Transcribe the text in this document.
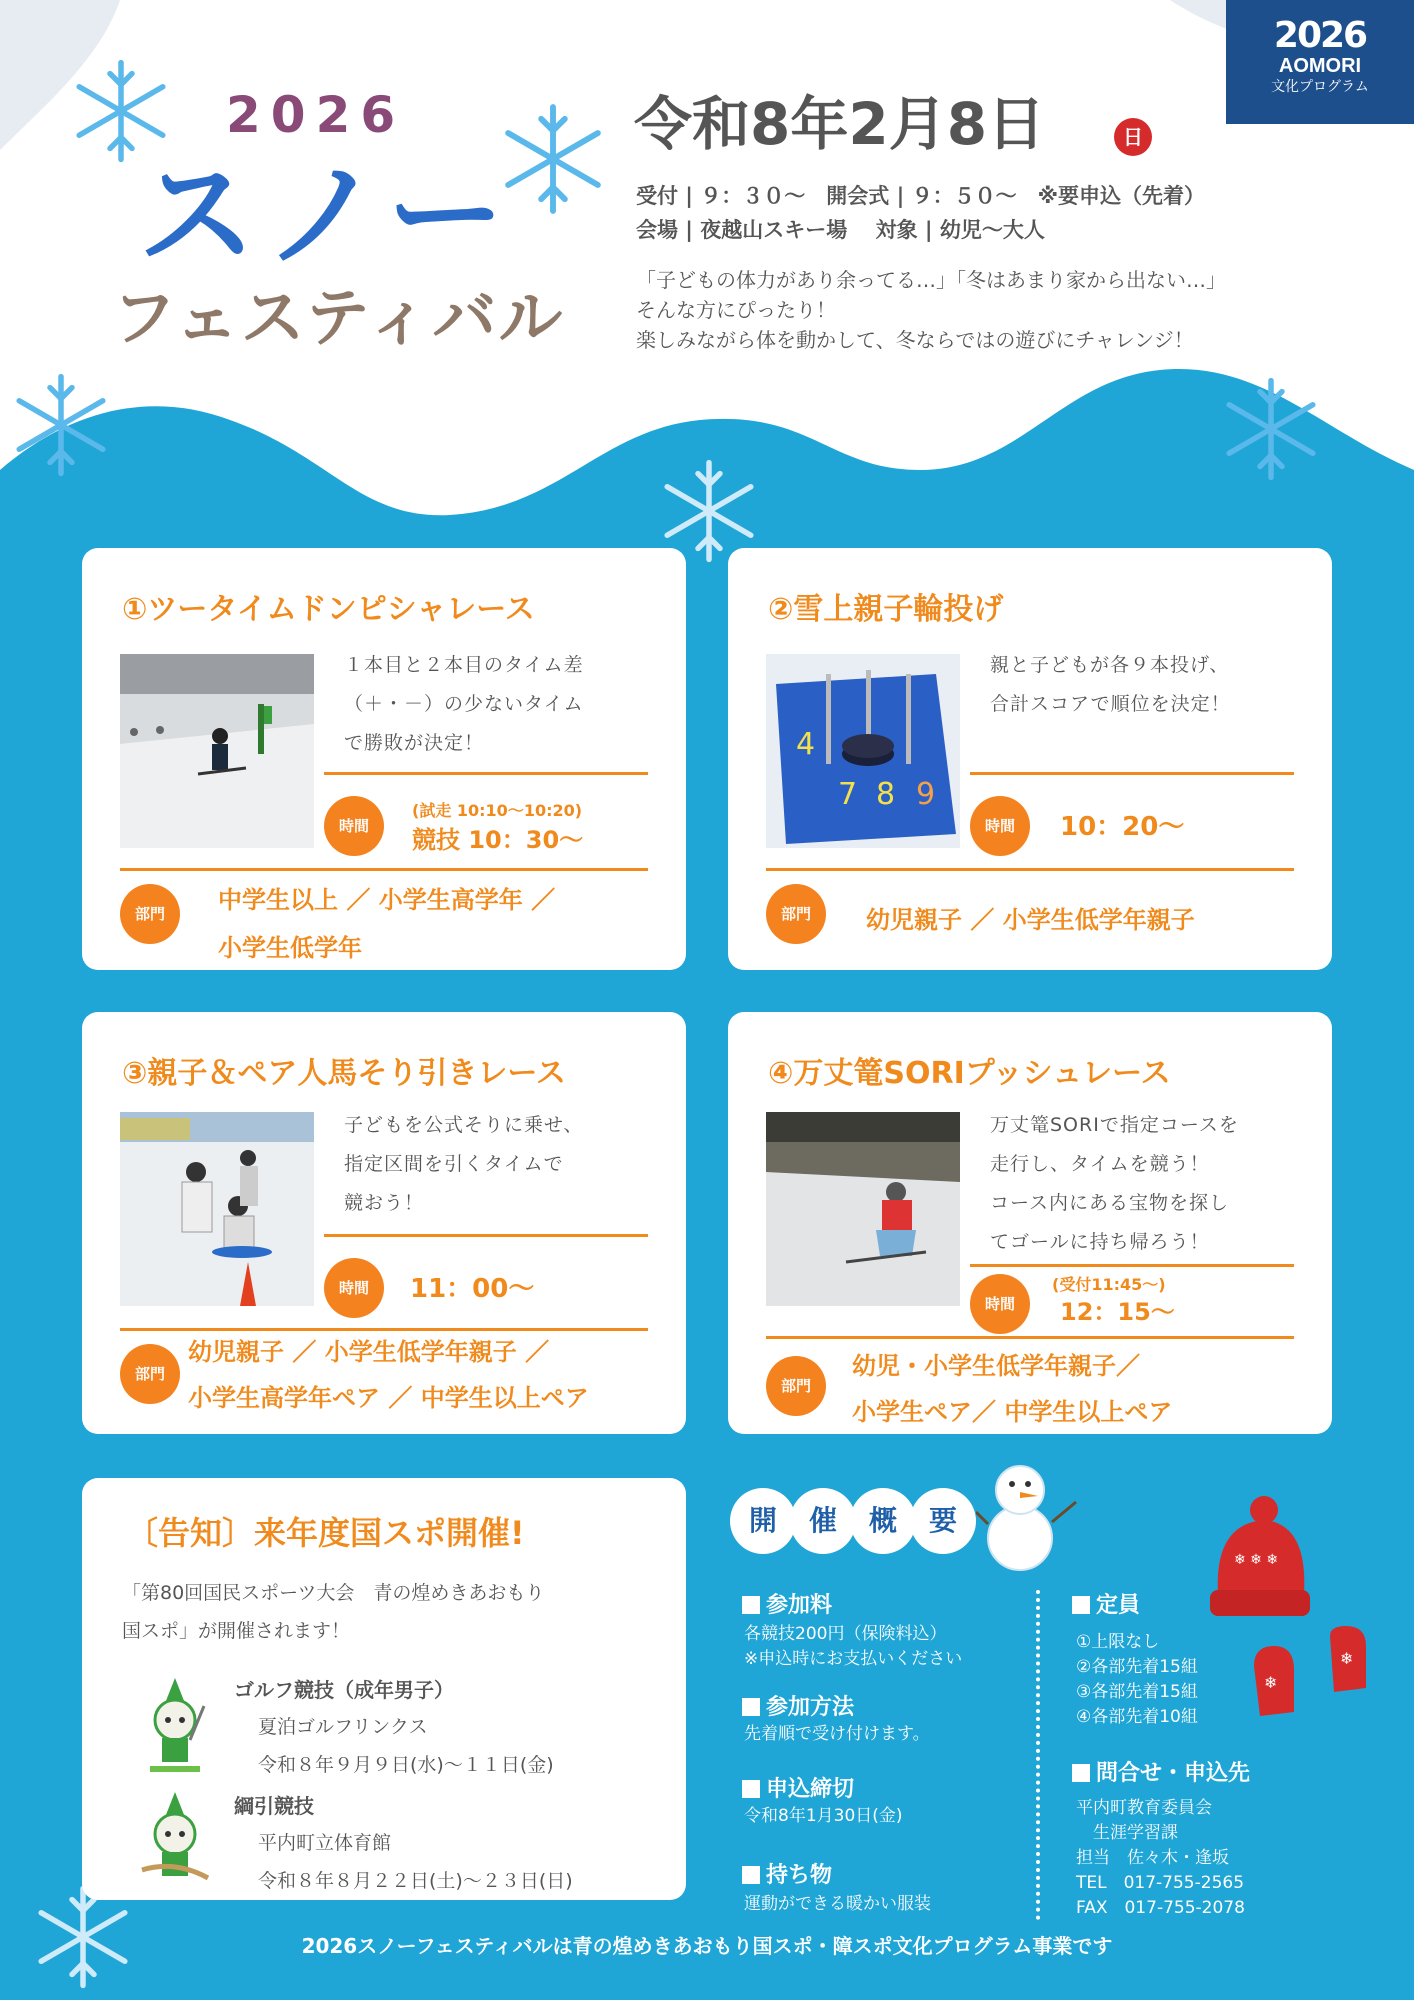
2026
AOMORI
文化プログラム
2026
スノー
フェスティバル
令和8年2月8日	日
受付 | ９：３０～　開会式 | ９：５０～　※要申込（先着）
会場 | 夜越山スキー場　 対象 | 幼児～大人
「子どもの体力があり余ってる…」「冬はあまり家から出ない…」
そんな方にぴったり！
楽しみながら体を動かして、冬ならではの遊びにチャレンジ！
①ツータイムドンピシャレース
１本目と２本目のタイム差
（＋・－）の少ないタイム
で勝敗が決定！
時間
(試走 10:10～10:20)
競技 10：30～
部門	中学生以上 ／ 小学生高学年 ／
小学生低学年
②雪上親子輪投げ
4
7 8 9
親と子どもが各９本投げ、
合計スコアで順位を決定！
時間	10：20～
部門	幼児親子 ／ 小学生低学年親子
③親子＆ペア人馬そり引きレース
子どもを公式そりに乗せ、
指定区間を引くタイムで
競おう！
時間	11：00～
部門
幼児親子 ／ 小学生低学年親子 ／
小学生高学年ペア ／ 中学生以上ペア
④万丈篭SORIプッシュレース
万丈篭SORIで指定コースを
走行し、タイムを競う！
コース内にある宝物を探し
てゴールに持ち帰ろう！
時間
(受付11:45～)
12：15～
部門
幼児・小学生低学年親子／
小学生ペア／ 中学生以上ペア
〔告知〕来年度国スポ開催!
「第80回国民スポーツ大会　青の煌めきあおもり
国スポ」が開催されます！
ゴルフ競技（成年男子）
夏泊ゴルフリンクス
令和８年９月９日(水)～１１日(金)
綱引競技
平内町立体育館
令和８年８月２２日(土)～２３日(日)
開	催	概	要
参加料
各競技200円（保険料込）
※申込時にお支払いください
参加方法
先着順で受け付けます。
申込締切
令和8年1月30日(金)
持ち物
運動ができる暖かい服装
定員
①上限なし
②各部先着15組
③各部先着15組
④各部先着10組
問合せ・申込先
平内町教育委員会
　生涯学習課
担当　佐々木・逢坂
TEL　017-755-2565
FAX　017-755-2078
❄ ❄ ❄
❄
❄
2026スノーフェスティバルは青の煌めきあおもり国スポ・障スポ文化プログラム事業です
